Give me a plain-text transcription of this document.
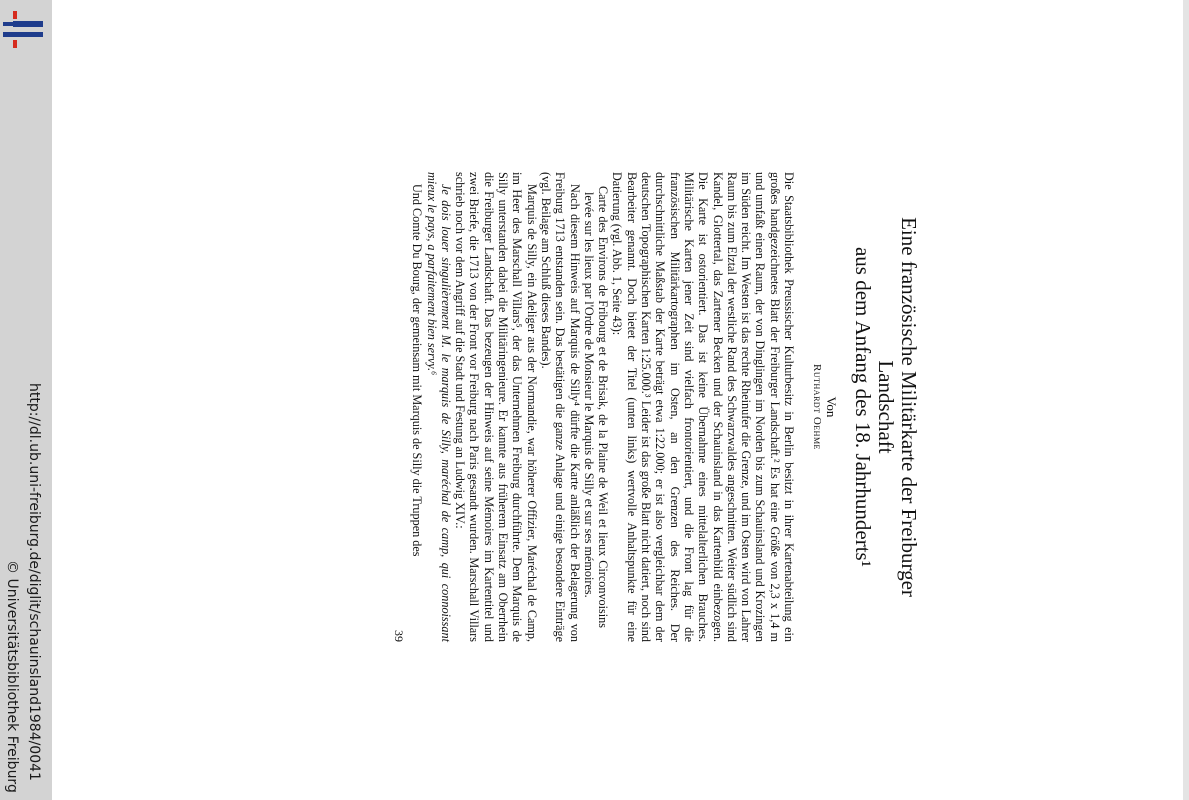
http://dl.ub.uni-freiburg.de/diglit/schauinsland1984/0041
© Universitätsbibliothek Freiburg
Eine französische Militärkarte der Freiburger Landschaft
aus dem Anfang des 18. Jahrhunderts¹
Von
Ruthardt Oehme

Die Staatsbibliothek Preussischer Kulturbesitz in Berlin besitzt in ihrer Kartenabteilung ein großes handgezeichnetes Blatt der Freiburger Landschaft.² Es hat eine Größe von 2,3 x 1,4 m und umfaßt einen Raum, der von Dinglingen im Norden bis zum Schauinsland und Krozingen im Süden reicht. Im Westen ist das rechte Rheinufer die Grenze, und im Osten wird von Lahrer Raum bis zum Elztal der westliche Rand des Schwarzwaldes angeschnitten. Weiter südlich sind Kandel, Glottertal, das Zartener Becken und der Schauinsland in das Kartenbild einbezogen. Die Karte ist ostorientiert. Das ist keine Übernahme eines mittelalterlichen Brauches. Militärische Karten jener Zeit sind vielfach frontorientiert, und die Front lag für die französischen Militärkartographen im Osten, an den Grenzen des Reiches. Der durchschnittliche Maßstab der Karte beträgt etwa 1:22.000; er ist also vergleichbar dem der deutschen Topographischen Karten 1:25.000.³ Leider ist das große Blatt nicht datiert, noch sind Bearbeiter genannt. Doch bietet der Titel (unten links) wertvolle Anhaltspunkte für eine Datierung (vgl. Abb. 1, Seite 43):

Carte des Environs de Fribourg et de Brisak, de la Plaine de Weil et lieux Circonvoisins levée sur les lieux par l'Ordre de Monsieur le Marquis de Silly et sur ses mémoires.

Nach diesem Hinweis auf Marquis de Silly⁴ dürfte die Karte anläßlich der Belagerung von Freiburg 1713 entstanden sein. Das bestätigen die ganze Anlage und einige besondere Einträge (vgl. Beilage am Schluß dieses Bandes).

Marquis de Silly, ein Adeliger aus der Normandie, war höherer Offizier, Maréchal de Camp, im Heer des Marschall Villars⁵, der das Unternehmen Freiburg durchführte. Dem Marquis de Silly unterstanden dabei die Militäringenieure. Er kannte aus früherem Einsatz am Oberrhein die Freiburger Landschaft. Das bezeugen der Hinweis auf seine Mémoires im Kartentitel und zwei Briefe, die 1713 von der Front vor Freiburg nach Paris gesandt wurden. Marschall Villars schrieb noch vor dem Angriff auf die Stadt und Festung an Ludwig XIV.:

Je dois louer singulièrement M. le marquis de Silly, maréchal de camp, qui connoissant mieux le pays, a parfaitement bien servy.⁶

Und Comte Du Bourg, der gemeinsam mit Marquis de Silly die Truppen des

39
